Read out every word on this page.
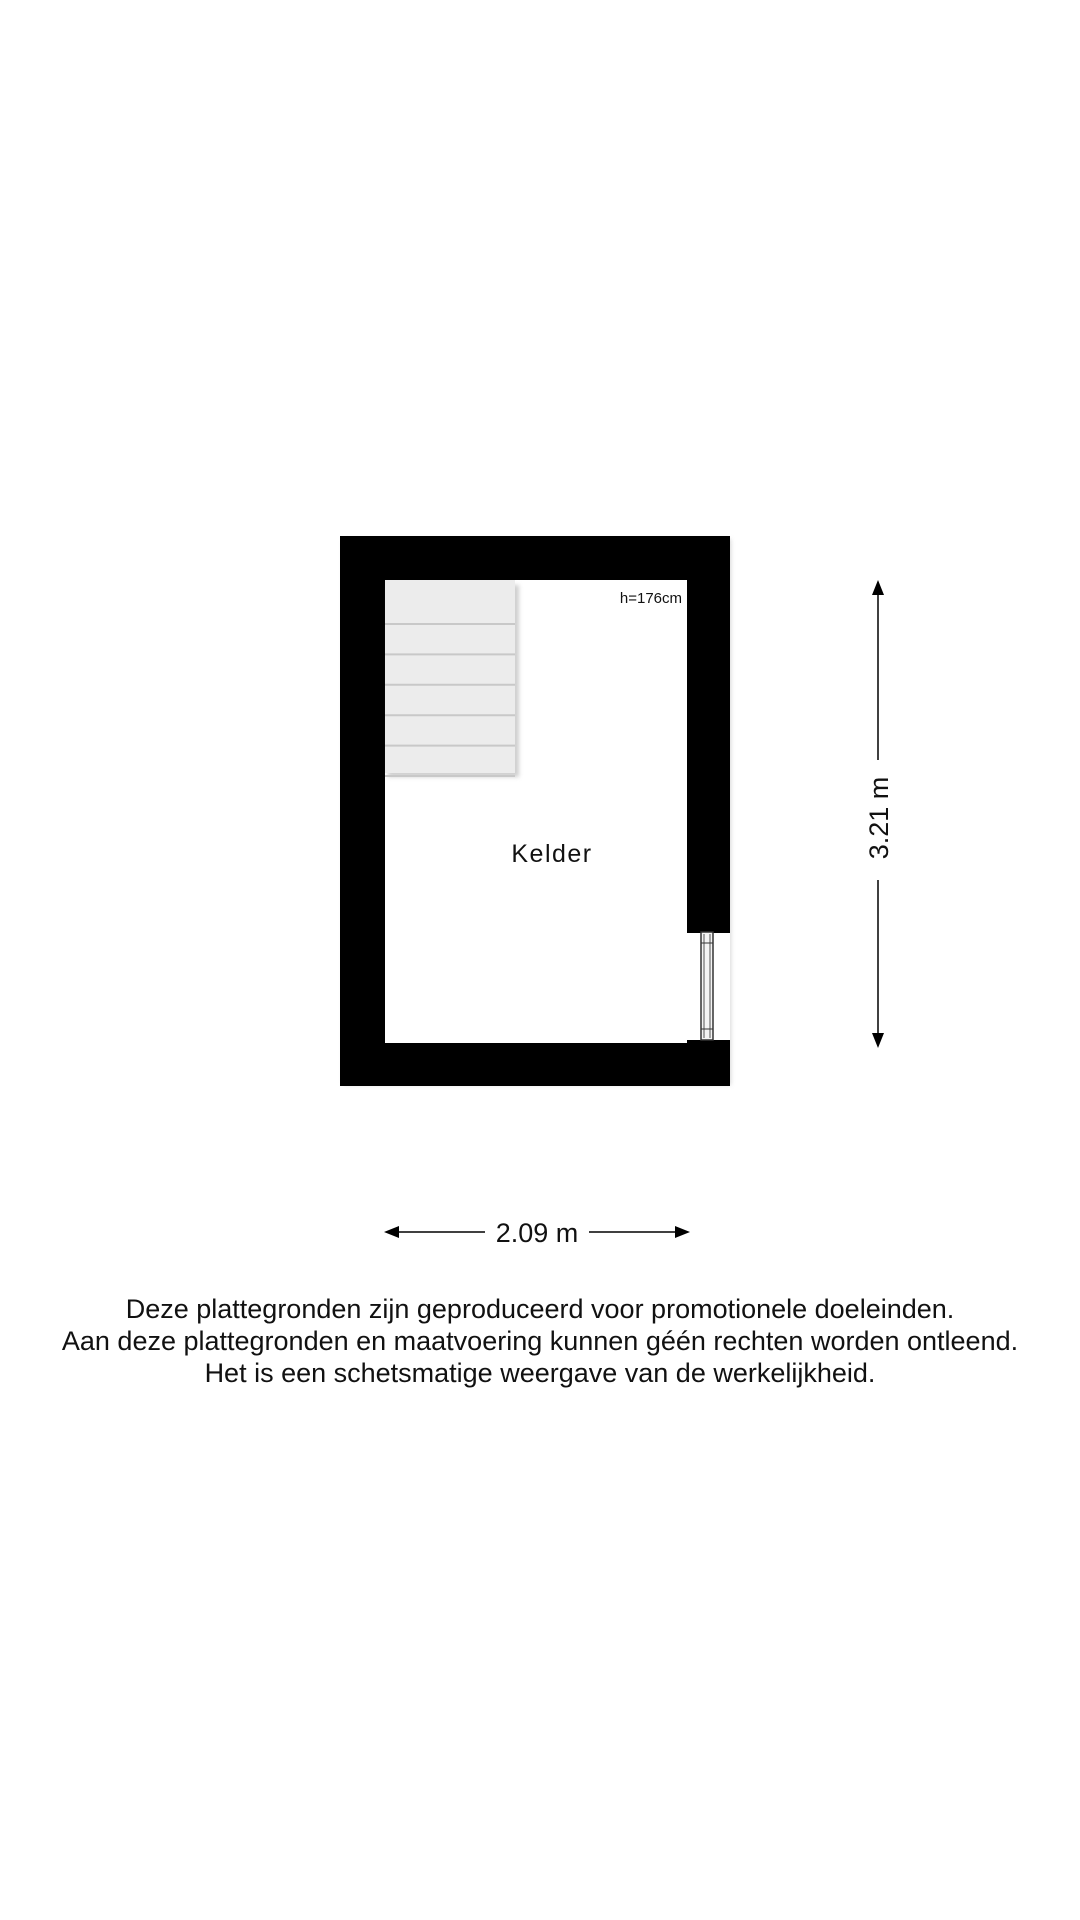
h=176cm
Kelder	3.21 m
2.09 m
Deze plattegronden zijn geproduceerd voor promotionele doeleinden.
Aan deze plattegronden en maatvoering kunnen géén rechten worden ontleend.
Het is een schetsmatige weergave van de werkelijkheid.
